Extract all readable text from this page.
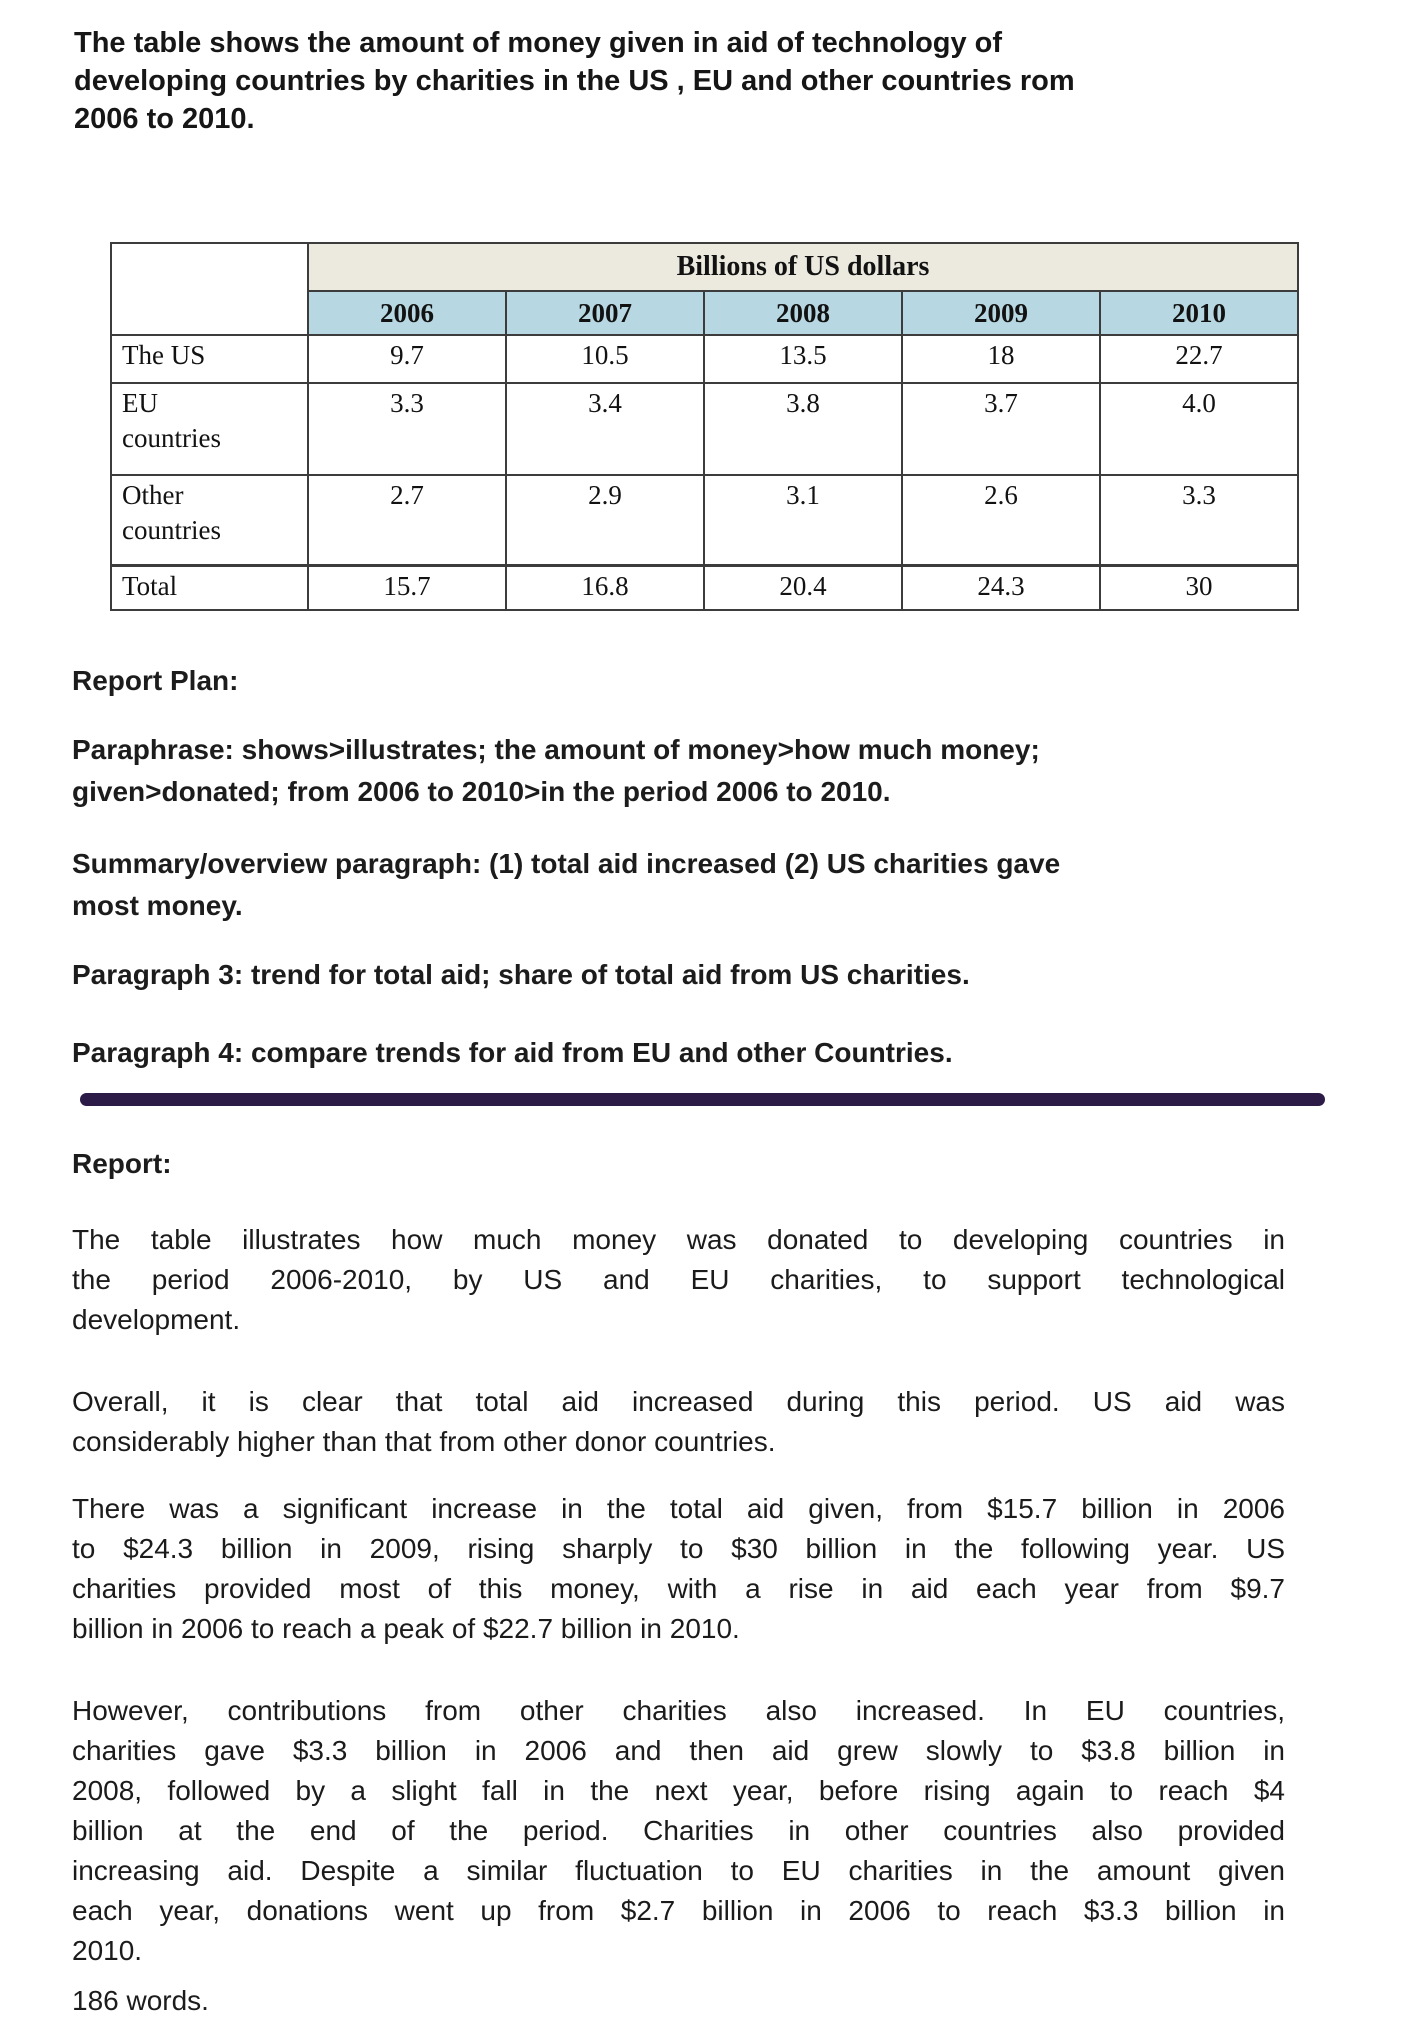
The table shows the amount of money given in aid of technology of
developing countries by charities in the US , EU and other countries rom
2006 to 2010.
	Billions of US dollars				
	2006	2007	2008	2009	2010
The US	9.7	10.5	13.5	18	22.7
EU countries	3.3	3.4	3.8	3.7	4.0
Other countries	2.7	2.9	3.1	2.6	3.3
Total	15.7	16.8	20.4	24.3	30
Report Plan:
Paraphrase: shows>illustrates; the amount of money>how much money;
given>donated; from 2006 to 2010>in the period 2006 to 2010.
Summary/overview paragraph: (1) total aid increased (2) US charities gave
most money.
Paragraph 3: trend for total aid; share of total aid from US charities.
Paragraph 4: compare trends for aid from EU and other Countries.
Report:
The table illustrates how much money was donated to developing countries in
the period 2006-2010, by US and EU charities, to support technological
development.
Overall, it is clear that total aid increased during this period. US aid was
considerably higher than that from other donor countries.
There was a significant increase in the total aid given, from $15.7 billion in 2006
to $24.3 billion in 2009, rising sharply to $30 billion in the following year. US
charities provided most of this money, with a rise in aid each year from $9.7
billion in 2006 to reach a peak of $22.7 billion in 2010.
However, contributions from other charities also increased. In EU countries,
charities gave $3.3 billion in 2006 and then aid grew slowly to $3.8 billion in
2008, followed by a slight fall in the next year, before rising again to reach $4
billion at the end of the period. Charities in other countries also provided
increasing aid. Despite a similar fluctuation to EU charities in the amount given
each year, donations went up from $2.7 billion in 2006 to reach $3.3 billion in
2010.
186 words.
